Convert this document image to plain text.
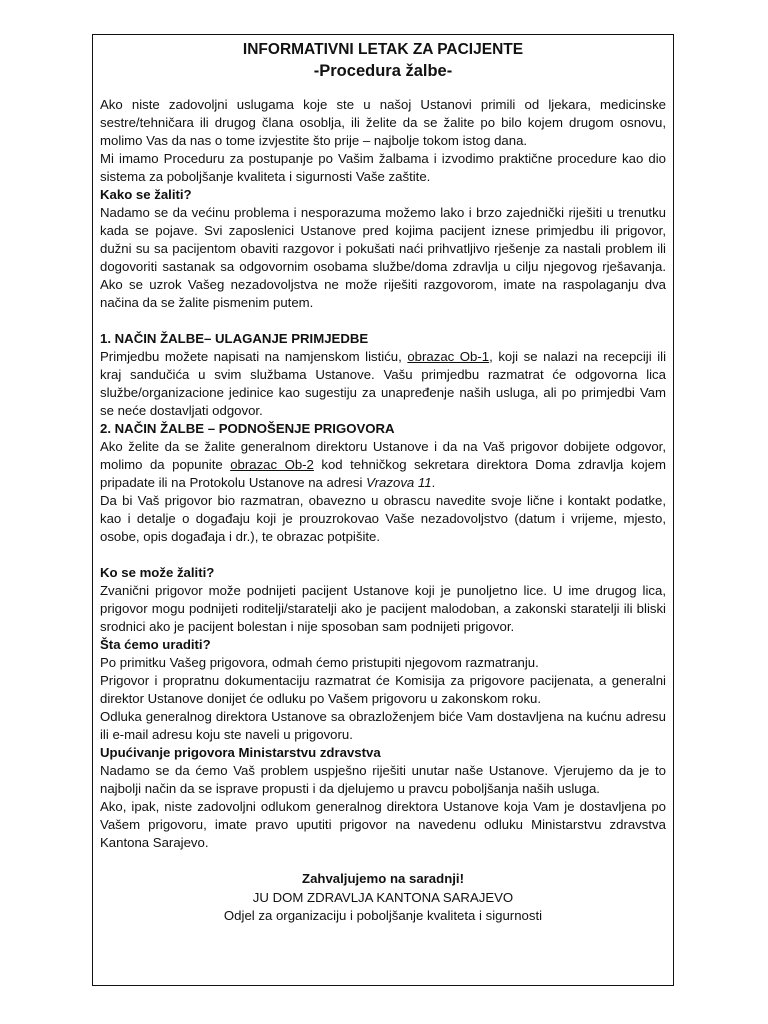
INFORMATIVNI LETAK ZA PACIJENTE
-Procedura žalbe-

Ako niste zadovoljni uslugama koje ste u našoj Ustanovi primili od ljekara, medicinske sestre/tehničara ili drugog člana osoblja, ili želite da se žalite po bilo kojem drugom osnovu, molimo Vas da nas o tome izvjestite što prije – najbolje tokom istog dana.

Mi imamo Proceduru za postupanje po Vašim žalbama i izvodimo praktične procedure kao dio sistema za poboljšanje kvaliteta i sigurnosti Vaše zaštite.

Kako se žaliti?

Nadamo se da većinu problema i nesporazuma možemo lako i brzo zajednički riješiti u trenutku kada se pojave. Svi zaposlenici Ustanove pred kojima pacijent iznese primjedbu ili prigovor, dužni su sa pacijentom obaviti razgovor i pokušati naći prihvatljivo rješenje za nastali problem ili dogovoriti sastanak sa odgovornim osobama službe/doma zdravlja u cilju njegovog rješavanja. Ako se uzrok Vašeg nezadovoljstva ne može riješiti razgovorom, imate na raspolaganju dva načina da se žalite pismenim putem.

1. NAČIN ŽALBE– ULAGANJE PRIMJEDBE

Primjedbu možete napisati na namjenskom listiću, obrazac Ob-1, koji se nalazi na recepciji ili kraj sandučića u svim službama Ustanove. Vašu primjedbu razmatrat će odgovorna lica službe/organizacione jedinice kao sugestiju za unapređenje naših usluga, ali po primjedbi Vam se neće dostavljati odgovor.

2. NAČIN ŽALBE – PODNOŠENJE PRIGOVORA

Ako želite da se žalite generalnom direktoru Ustanove i da na Vaš prigovor dobijete odgovor, molimo da popunite obrazac Ob-2 kod tehničkog sekretara direktora Doma zdravlja kojem pripadate ili na Protokolu Ustanove na adresi Vrazova 11.

Da bi Vaš prigovor bio razmatran, obavezno u obrascu navedite svoje lične i kontakt podatke, kao i detalje o događaju koji je prouzrokovao Vaše nezadovoljstvo (datum i vrijeme, mjesto, osobe, opis događaja i dr.), te obrazac potpišite.

Ko se može žaliti?

Zvanični prigovor može podnijeti pacijent Ustanove koji je punoljetno lice. U ime drugog lica, prigovor mogu podnijeti roditelji/staratelji ako je pacijent malodoban, a zakonski staratelji ili bliski srodnici ako je pacijent bolestan i nije sposoban sam podnijeti prigovor.

Šta ćemo uraditi?

Po primitku Vašeg prigovora, odmah ćemo pristupiti njegovom razmatranju.

Prigovor i propratnu dokumentaciju razmatrat će Komisija za prigovore pacijenata, a generalni direktor Ustanove donijet će odluku po Vašem prigovoru u zakonskom roku.

Odluka generalnog direktora Ustanove sa obrazloženjem biće Vam dostavljena na kućnu adresu ili e-mail adresu koju ste naveli u prigovoru.

Upućivanje prigovora Ministarstvu zdravstva

Nadamo se da ćemo Vaš problem uspješno riješiti unutar naše Ustanove. Vjerujemo da je to najbolji način da se isprave propusti i da djelujemo u pravcu poboljšanja naših usluga.

Ako, ipak, niste zadovoljni odlukom generalnog direktora Ustanove koja Vam je dostavljena po Vašem prigovoru, imate pravo uputiti prigovor na navedenu odluku Ministarstvu zdravstva Kantona Sarajevo.

Zahvaljujemo na saradnji!
JU DOM ZDRAVLJA KANTONA SARAJEVO
Odjel za organizaciju i poboljšanje kvaliteta i sigurnosti
